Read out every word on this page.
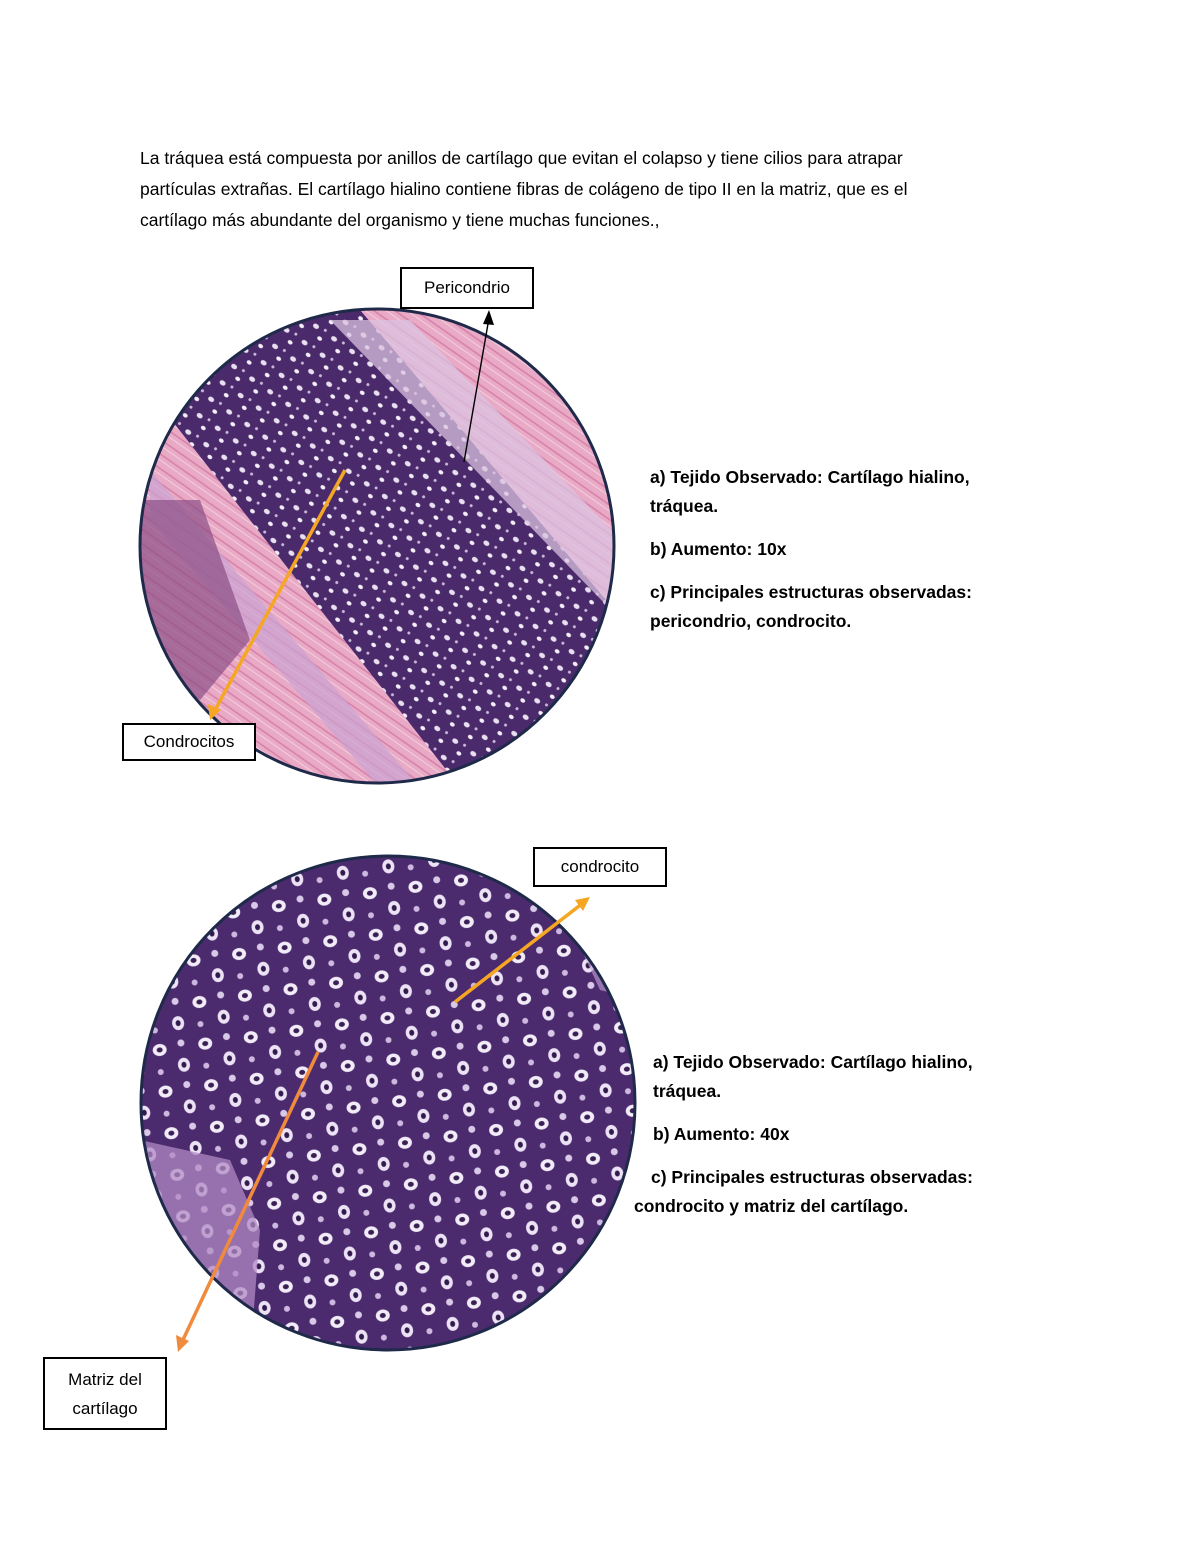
La tráquea está compuesta por anillos de cartílago que evitan el colapso y tiene cilios para atrapar

partículas extrañas. El cartílago hialino contiene fibras de colágeno de tipo II en la matriz, que es el

cartílago más abundante del organismo y tiene muchas funciones.,

Pericondrio
Condrocitos

a) Tejido Observado: Cartílago hialino,
tráquea.

b) Aumento: 10x

c) Principales estructuras observadas:
pericondrio, condrocito.

condrocito
Matriz del cartílago

a) Tejido Observado: Cartílago hialino,
tráquea.

b) Aumento: 40x

c) Principales estructuras observadas:
condrocito y matriz del cartílago.
